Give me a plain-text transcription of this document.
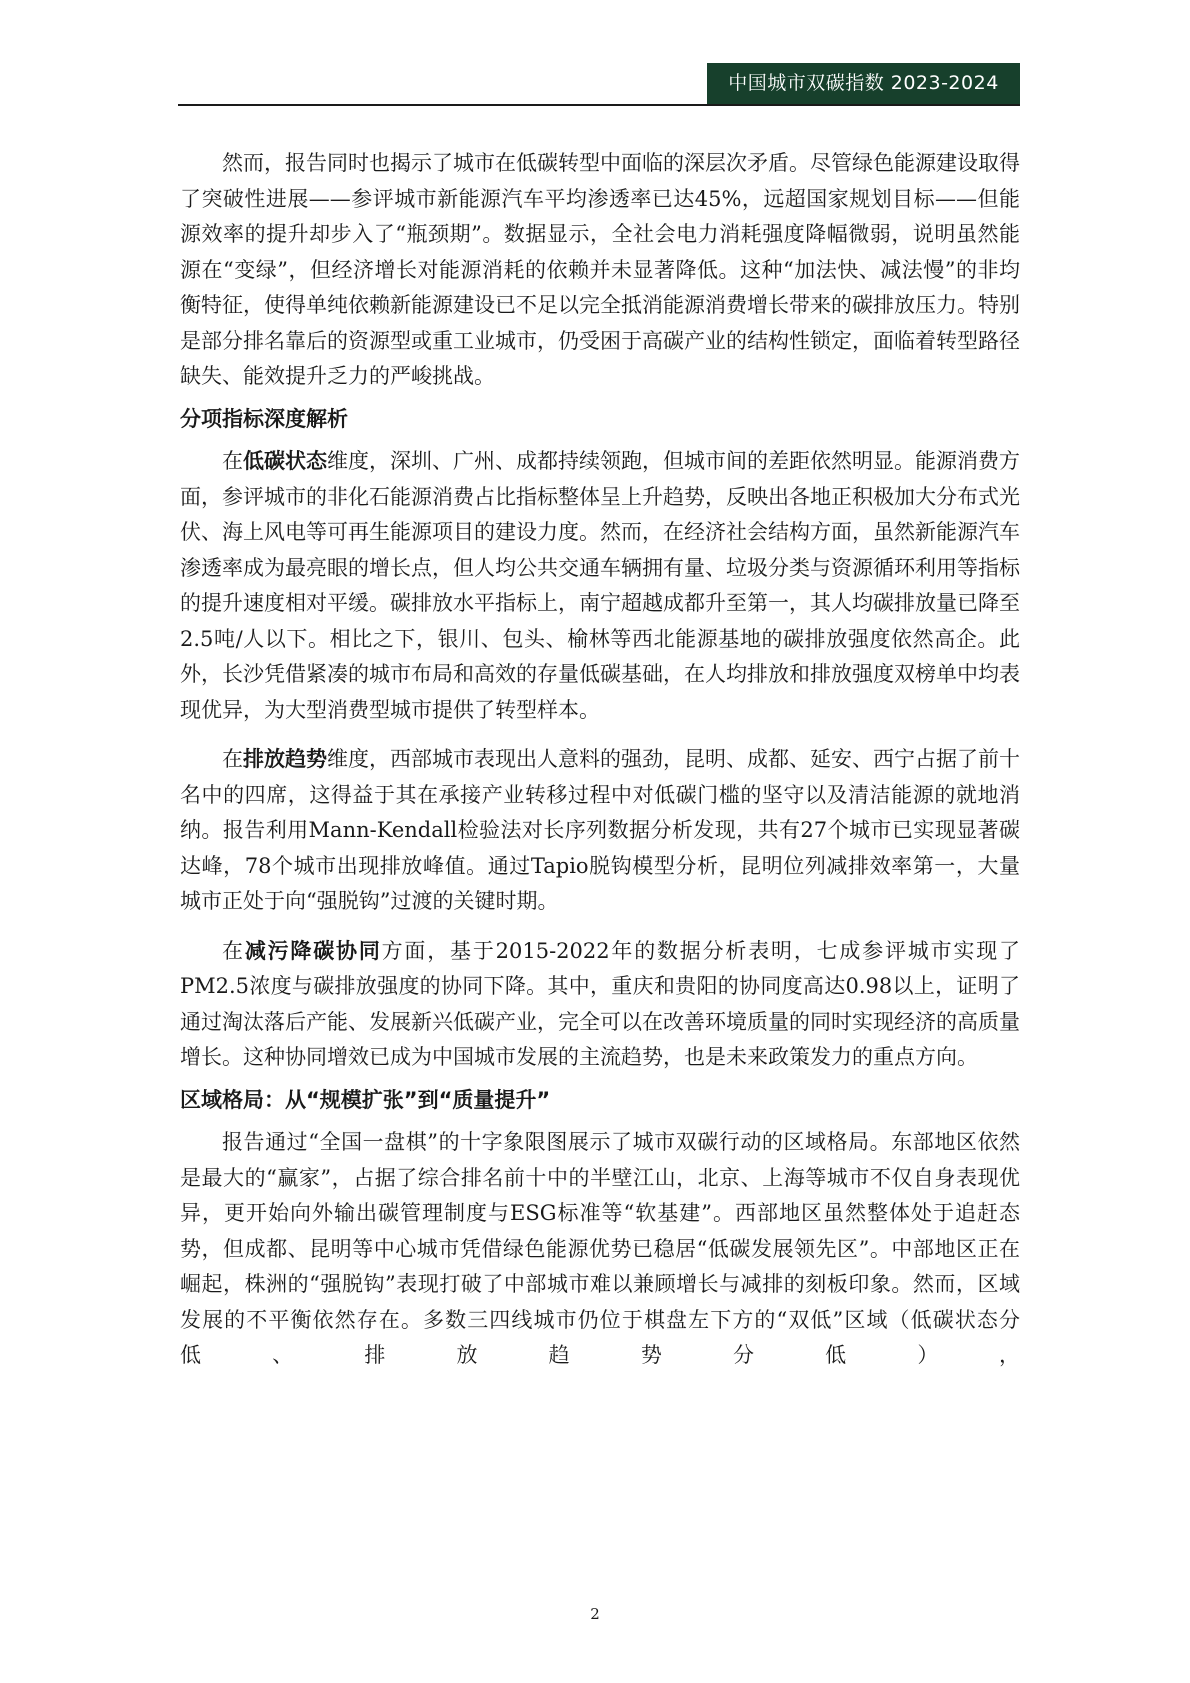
中国城市双碳指数 2023-2024

然而，报告同时也揭示了城市在低碳转型中面临的深层次矛盾。尽管绿色能源建设取得了突破性进展——参评城市新能源汽车平均渗透率已达45%，远超国家规划目标——但能源效率的提升却步入了“瓶颈期”。数据显示，全社会电力消耗强度降幅微弱，说明虽然能源在“变绿”，但经济增长对能源消耗的依赖并未显著降低。这种“加法快、减法慢”的非均衡特征，使得单纯依赖新能源建设已不足以完全抵消能源消费增长带来的碳排放压力。特别是部分排名靠后的资源型或重工业城市，仍受困于高碳产业的结构性锁定，面临着转型路径缺失、能效提升乏力的严峻挑战。

分项指标深度解析

在低碳状态维度，深圳、广州、成都持续领跑，但城市间的差距依然明显。能源消费方面，参评城市的非化石能源消费占比指标整体呈上升趋势，反映出各地正积极加大分布式光伏、海上风电等可再生能源项目的建设力度。然而，在经济社会结构方面，虽然新能源汽车渗透率成为最亮眼的增长点，但人均公共交通车辆拥有量、垃圾分类与资源循环利用等指标的提升速度相对平缓。碳排放水平指标上，南宁超越成都升至第一，其人均碳排放量已降至2.5吨/人以下。相比之下，银川、包头、榆林等西北能源基地的碳排放强度依然高企。此外，长沙凭借紧凑的城市布局和高效的存量低碳基础，在人均排放和排放强度双榜单中均表现优异，为大型消费型城市提供了转型样本。

在排放趋势维度，西部城市表现出人意料的强劲，昆明、成都、延安、西宁占据了前十名中的四席，这得益于其在承接产业转移过程中对低碳门槛的坚守以及清洁能源的就地消纳。报告利用Mann-Kendall检验法对长序列数据分析发现，共有27个城市已实现显著碳达峰，78个城市出现排放峰值。通过Tapio脱钩模型分析，昆明位列减排效率第一，大量城市正处于向“强脱钩”过渡的关键时期。

在减污降碳协同方面，基于2015-2022年的数据分析表明，七成参评城市实现了PM2.5浓度与碳排放强度的协同下降。其中，重庆和贵阳的协同度高达0.98以上，证明了通过淘汰落后产能、发展新兴低碳产业，完全可以在改善环境质量的同时实现经济的高质量增长。这种协同增效已成为中国城市发展的主流趋势，也是未来政策发力的重点方向。

区域格局：从“规模扩张”到“质量提升”

报告通过“全国一盘棋”的十字象限图展示了城市双碳行动的区域格局。东部地区依然是最大的“赢家”，占据了综合排名前十中的半壁江山，北京、上海等城市不仅自身表现优异，更开始向外输出碳管理制度与ESG标准等“软基建”。西部地区虽然整体处于追赶态势，但成都、昆明等中心城市凭借绿色能源优势已稳居“低碳发展领先区”。中部地区正在崛起，株洲的“强脱钩”表现打破了中部城市难以兼顾增长与减排的刻板印象。然而，区域发展的不平衡依然存在。多数三四线城市仍位于棋盘左下方的“双低”区域（低碳状态分低、排放趋势分低），

2
